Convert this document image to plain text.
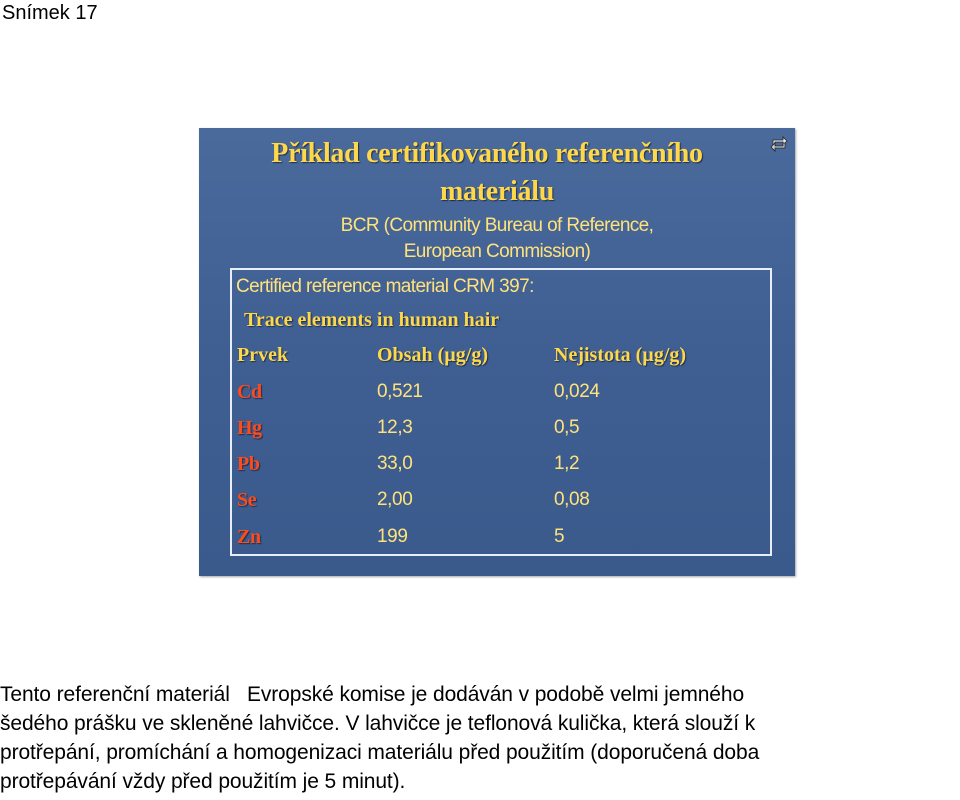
Snímek 17
Příklad certifikovaného referenčního
materiálu
BCR (Community Bureau of Reference,
European Commission)
Certified reference material CRM 397:
Trace elements in human hair
Prvek	Obsah (µg/g)	Nejistota (µg/g)
Cd	0,521	0,024
Hg	12,3	0,5
Pb	33,0	1,2
Se	2,00	0,08
Zn	199	5
Tento referenční materiál   Evropské komise je dodáván v podobě velmi jemného
šedého prášku ve skleněné lahvičce. V lahvičce je teflonová kulička, která slouží k
protřepání, promíchání a homogenizaci materiálu před použitím (doporučená doba
protřepávání vždy před použitím je 5 minut).
